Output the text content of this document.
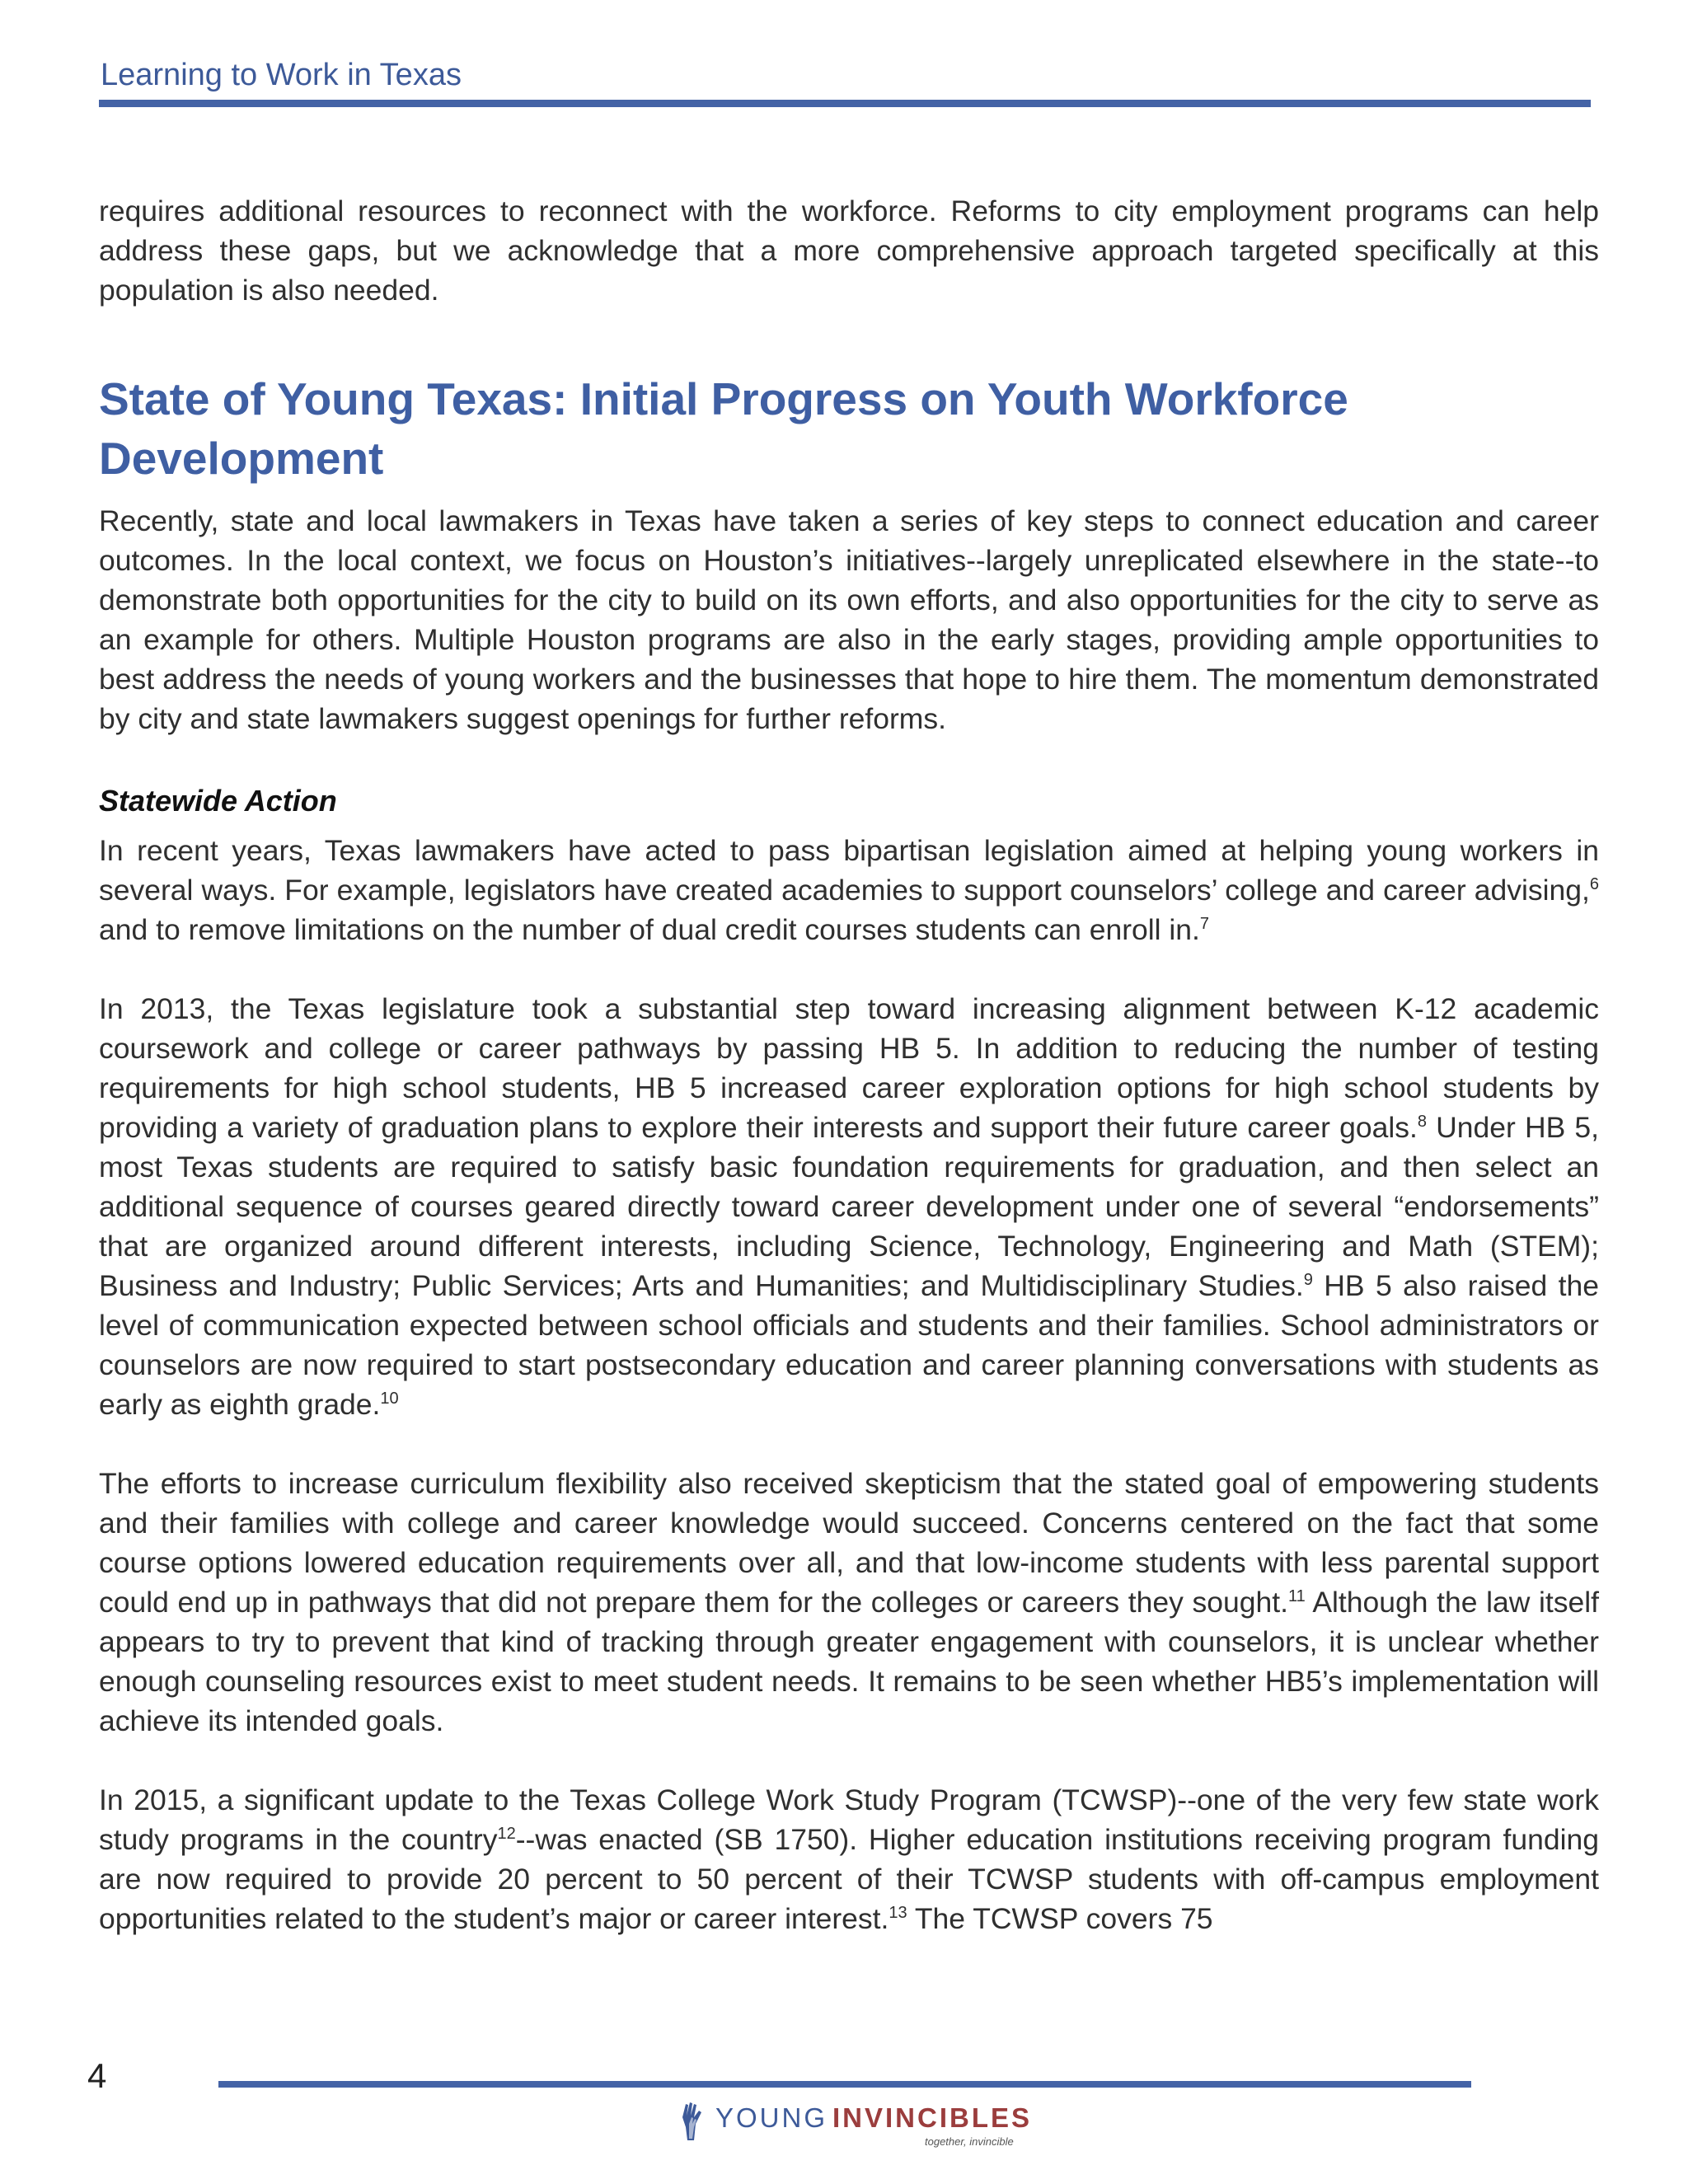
Learning to Work in Texas

requires additional resources to reconnect with the workforce. Reforms to city employment programs can help address these gaps, but we acknowledge that a more comprehensive approach targeted specifically at this population is also needed.

State of Young Texas: Initial Progress on Youth Workforce Development

Recently, state and local lawmakers in Texas have taken a series of key steps to connect education and career outcomes. In the local context, we focus on Houston’s initiatives--largely unreplicated elsewhere in the state--to demonstrate both opportunities for the city to build on its own efforts, and also opportunities for the city to serve as an example for others. Multiple Houston programs are also in the early stages, providing ample opportunities to best address the needs of young workers and the businesses that hope to hire them. The momentum demonstrated by city and state lawmakers suggest openings for further reforms.

Statewide Action

In recent years, Texas lawmakers have acted to pass bipartisan legislation aimed at helping young workers in several ways. For example, legislators have created academies to support counselors’ college and career advising,$^6$ and to remove limitations on the number of dual credit courses students can enroll in.$^7$

In 2013, the Texas legislature took a substantial step toward increasing alignment between K-12 academic coursework and college or career pathways by passing HB 5. In addition to reducing the number of testing requirements for high school students, HB 5 increased career exploration options for high school students by providing a variety of graduation plans to explore their interests and support their future career goals.$^8$ Under HB 5, most Texas students are required to satisfy basic foundation requirements for graduation, and then select an additional sequence of courses geared directly toward career development under one of several “endorsements” that are organized around different interests, including Science, Technology, Engineering and Math (STEM); Business and Industry; Public Services; Arts and Humanities; and Multidisciplinary Studies.$^9$ HB 5 also raised the level of communication expected between school officials and students and their families. School administrators or counselors are now required to start postsecondary education and career planning conversations with students as early as eighth grade.$^{10}$

The efforts to increase curriculum flexibility also received skepticism that the stated goal of empowering students and their families with college and career knowledge would succeed. Concerns centered on the fact that some course options lowered education requirements over all, and that low-income students with less parental support could end up in pathways that did not prepare them for the colleges or careers they sought.$^{11}$ Although the law itself appears to try to prevent that kind of tracking through greater engagement with counselors, it is unclear whether enough counseling resources exist to meet student needs. It remains to be seen whether HB5’s implementation will achieve its intended goals.

In 2015, a significant update to the Texas College Work Study Program (TCWSP)--one of the very few state work study programs in the country$^{12}$--was enacted (SB 1750). Higher education institutions receiving program funding are now required to provide 20 percent to 50 percent of their TCWSP students with off-campus employment opportunities related to the student’s major or career interest.$^{13}$ The TCWSP covers 75

4
YOUNG INVINCIBLES
together, invincible
